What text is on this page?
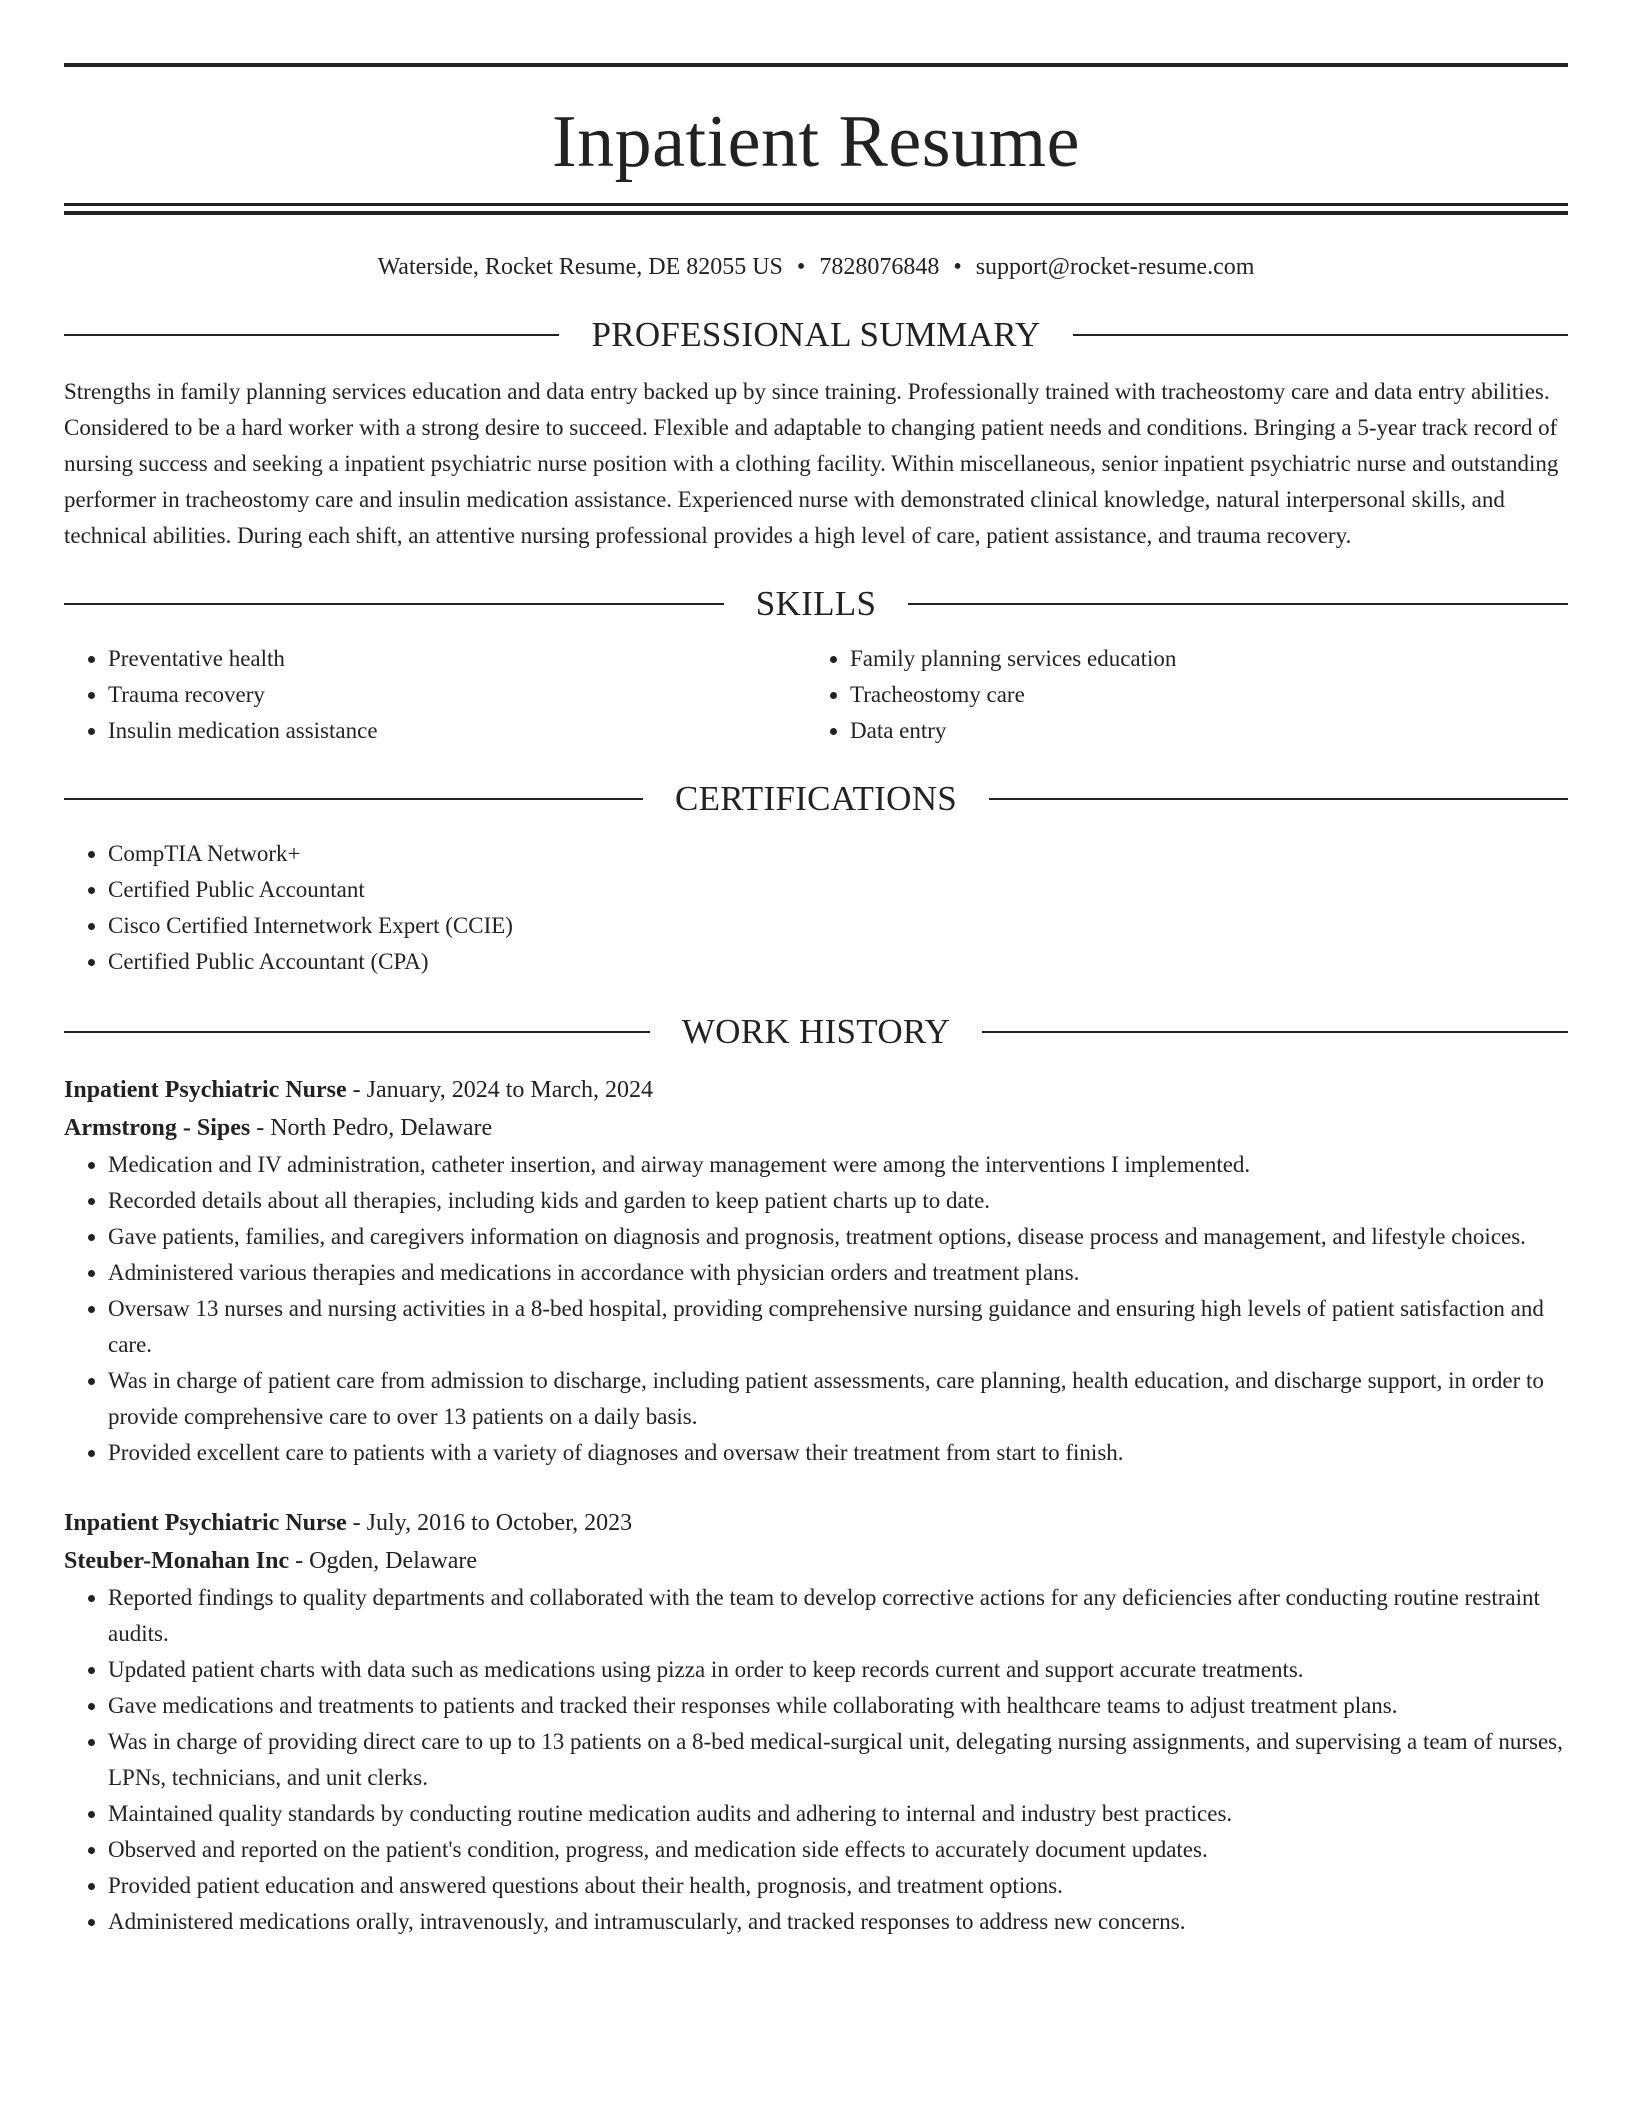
Inpatient Resume
Waterside, Rocket Resume, DE 82055 US • 7828076848 • support@rocket-resume.com
PROFESSIONAL SUMMARY
Strengths in family planning services education and data entry backed up by since training. Professionally trained with tracheostomy care and data entry abilities. Considered to be a hard worker with a strong desire to succeed. Flexible and adaptable to changing patient needs and conditions. Bringing a 5-year track record of nursing success and seeking a inpatient psychiatric nurse position with a clothing facility. Within miscellaneous, senior inpatient psychiatric nurse and outstanding performer in tracheostomy care and insulin medication assistance. Experienced nurse with demonstrated clinical knowledge, natural interpersonal skills, and technical abilities. During each shift, an attentive nursing professional provides a high level of care, patient assistance, and trauma recovery.
SKILLS
• Preventative health
• Trauma recovery
• Insulin medication assistance
• Family planning services education
• Tracheostomy care
• Data entry
CERTIFICATIONS
• CompTIA Network+
• Certified Public Accountant
• Cisco Certified Internetwork Expert (CCIE)
• Certified Public Accountant (CPA)
WORK HISTORY
Inpatient Psychiatric Nurse - January, 2024 to March, 2024
Armstrong - Sipes - North Pedro, Delaware
• Medication and IV administration, catheter insertion, and airway management were among the interventions I implemented.
• Recorded details about all therapies, including kids and garden to keep patient charts up to date.
• Gave patients, families, and caregivers information on diagnosis and prognosis, treatment options, disease process and management, and lifestyle choices.
• Administered various therapies and medications in accordance with physician orders and treatment plans.
• Oversaw 13 nurses and nursing activities in a 8-bed hospital, providing comprehensive nursing guidance and ensuring high levels of patient satisfaction and care.
• Was in charge of patient care from admission to discharge, including patient assessments, care planning, health education, and discharge support, in order to provide comprehensive care to over 13 patients on a daily basis.
• Provided excellent care to patients with a variety of diagnoses and oversaw their treatment from start to finish.
Inpatient Psychiatric Nurse - July, 2016 to October, 2023
Steuber-Monahan Inc - Ogden, Delaware
• Reported findings to quality departments and collaborated with the team to develop corrective actions for any deficiencies after conducting routine restraint audits.
• Updated patient charts with data such as medications using pizza in order to keep records current and support accurate treatments.
• Gave medications and treatments to patients and tracked their responses while collaborating with healthcare teams to adjust treatment plans.
• Was in charge of providing direct care to up to 13 patients on a 8-bed medical-surgical unit, delegating nursing assignments, and supervising a team of nurses, LPNs, technicians, and unit clerks.
• Maintained quality standards by conducting routine medication audits and adhering to internal and industry best practices.
• Observed and reported on the patient's condition, progress, and medication side effects to accurately document updates.
• Provided patient education and answered questions about their health, prognosis, and treatment options.
• Administered medications orally, intravenously, and intramuscularly, and tracked responses to address new concerns.
